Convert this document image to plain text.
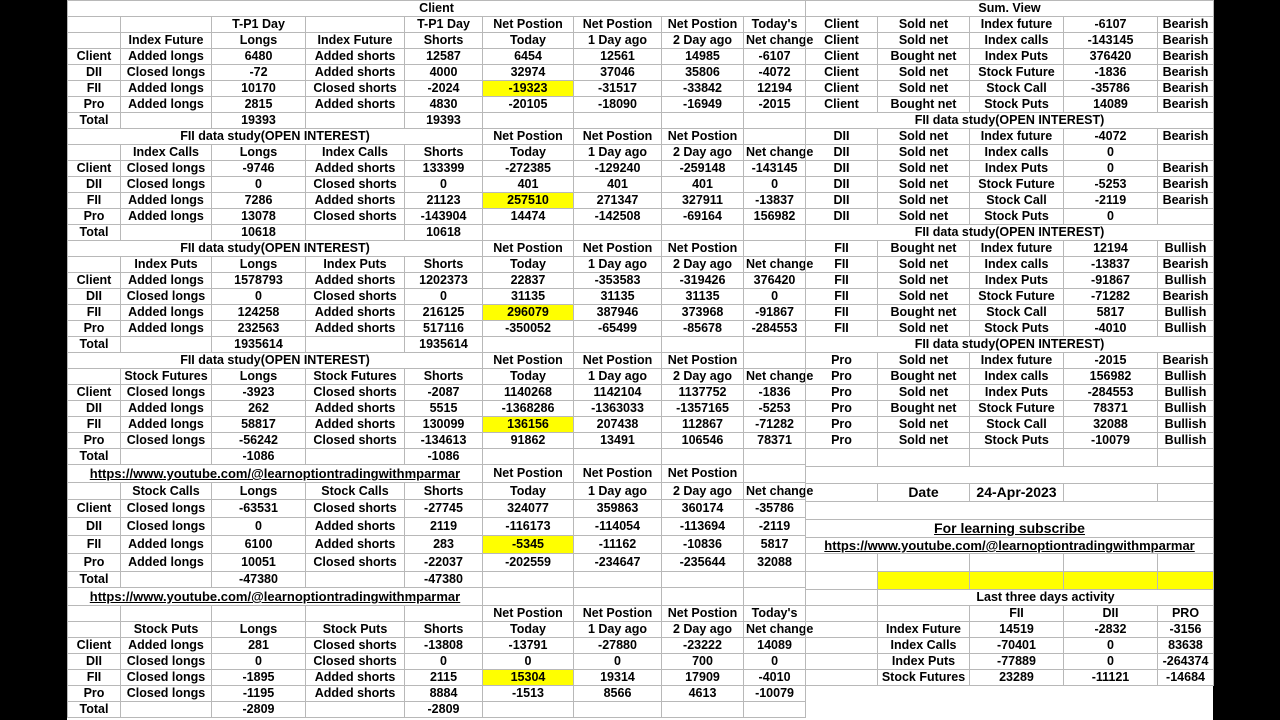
Client								
		T-P1 Day		T-P1 Day	Net Postion	Net Postion	Net Postion	Today's
	Index Future	Longs	Index Future	Shorts	Today	1 Day ago	2 Day ago	Net change
Client	Added longs	6480	Added shorts	12587	6454	12561	14985	-6107
DII	Closed longs	-72	Added shorts	4000	32974	37046	35806	-4072
FII	Added longs	10170	Closed shorts	-2024	-19323	-31517	-33842	12194
Pro	Added longs	2815	Added shorts	4830	-20105	-18090	-16949	-2015
Total		19393		19393				
FII data study(OPEN INTEREST)					Net Postion	Net Postion	Net Postion	
	Index Calls	Longs	Index Calls	Shorts	Today	1 Day ago	2 Day ago	Net change
Client	Closed longs	-9746	Added shorts	133399	-272385	-129240	-259148	-143145
DII	Closed longs	0	Closed shorts	0	401	401	401	0
FII	Added longs	7286	Added shorts	21123	257510	271347	327911	-13837
Pro	Added longs	13078	Closed shorts	-143904	14474	-142508	-69164	156982
Total		10618		10618				
FII data study(OPEN INTEREST)					Net Postion	Net Postion	Net Postion	
	Index Puts	Longs	Index Puts	Shorts	Today	1 Day ago	2 Day ago	Net change
Client	Added longs	1578793	Added shorts	1202373	22837	-353583	-319426	376420
DII	Closed longs	0	Closed shorts	0	31135	31135	31135	0
FII	Added longs	124258	Added shorts	216125	296079	387946	373968	-91867
Pro	Added longs	232563	Added shorts	517116	-350052	-65499	-85678	-284553
Total		1935614		1935614				
FII data study(OPEN INTEREST)					Net Postion	Net Postion	Net Postion	
	Stock Futures	Longs	Stock Futures	Shorts	Today	1 Day ago	2 Day ago	Net change
Client	Closed longs	-3923	Closed shorts	-2087	1140268	1142104	1137752	-1836
DII	Added longs	262	Added shorts	5515	-1368286	-1363033	-1357165	-5253
FII	Added longs	58817	Added shorts	130099	136156	207438	112867	-71282
Pro	Closed longs	-56242	Closed shorts	-134613	91862	13491	106546	78371
Total		-1086		-1086				
https://www.youtube.com/@learnoptiontradingwithmparmar					Net Postion	Net Postion	Net Postion	
	Stock Calls	Longs	Stock Calls	Shorts	Today	1 Day ago	2 Day ago	Net change
Client	Closed longs	-63531	Closed shorts	-27745	324077	359863	360174	-35786
DII	Closed longs	0	Added shorts	2119	-116173	-114054	-113694	-2119
FII	Added longs	6100	Added shorts	283	-5345	-11162	-10836	5817
Pro	Added longs	10051	Closed shorts	-22037	-202559	-234647	-235644	32088
Total		-47380		-47380				
https://www.youtube.com/@learnoptiontradingwithmparmar								
					Net Postion	Net Postion	Net Postion	Today's
	Stock Puts	Longs	Stock Puts	Shorts	Today	1 Day ago	2 Day ago	Net change
Client	Added longs	281	Closed shorts	-13808	-13791	-27880	-23222	14089
DII	Closed longs	0	Closed shorts	0	0	0	700	0
FII	Closed longs	-1895	Added shorts	2115	15304	19314	17909	-4010
Pro	Closed longs	-1195	Added shorts	8884	-1513	8566	4613	-10079
Total		-2809		-2809				
Sum. View				
Client	Sold net	Index future	-6107	Bearish
Client	Sold net	Index calls	-143145	Bearish
Client	Bought net	Index Puts	376420	Bearish
Client	Sold net	Stock Future	-1836	Bearish
Client	Sold net	Stock Call	-35786	Bearish
Client	Bought net	Stock Puts	14089	Bearish
FII data study(OPEN INTEREST)				
DII	Sold net	Index future	-4072	Bearish
DII	Sold net	Index calls	0	
DII	Sold net	Index Puts	0	Bearish
DII	Sold net	Stock Future	-5253	Bearish
DII	Sold net	Stock Call	-2119	Bearish
DII	Sold net	Stock Puts	0	
FII data study(OPEN INTEREST)				
FII	Bought net	Index future	12194	Bullish
FII	Sold net	Index calls	-13837	Bearish
FII	Sold net	Index Puts	-91867	Bullish
FII	Sold net	Stock Future	-71282	Bearish
FII	Bought net	Stock Call	5817	Bullish
FII	Sold net	Stock Puts	-4010	Bullish
FII data study(OPEN INTEREST)				
Pro	Sold net	Index future	-2015	Bearish
Pro	Bought net	Index calls	156982	Bullish
Pro	Sold net	Index Puts	-284553	Bullish
Pro	Bought net	Stock Future	78371	Bullish
Pro	Sold net	Stock Call	32088	Bullish
Pro	Sold net	Stock Puts	-10079	Bullish

	Date	24-Apr-2023		

For learning subscribe				
https://www.youtube.com/@learnoptiontradingwithmparmar				

	Last three days activity			
		FII	DII	PRO
	Index Future	14519	-2832	-3156
	Index Calls	-70401	0	83638
	Index Puts	-77889	0	-264374
	Stock Futures	23289	-11121	-14684
